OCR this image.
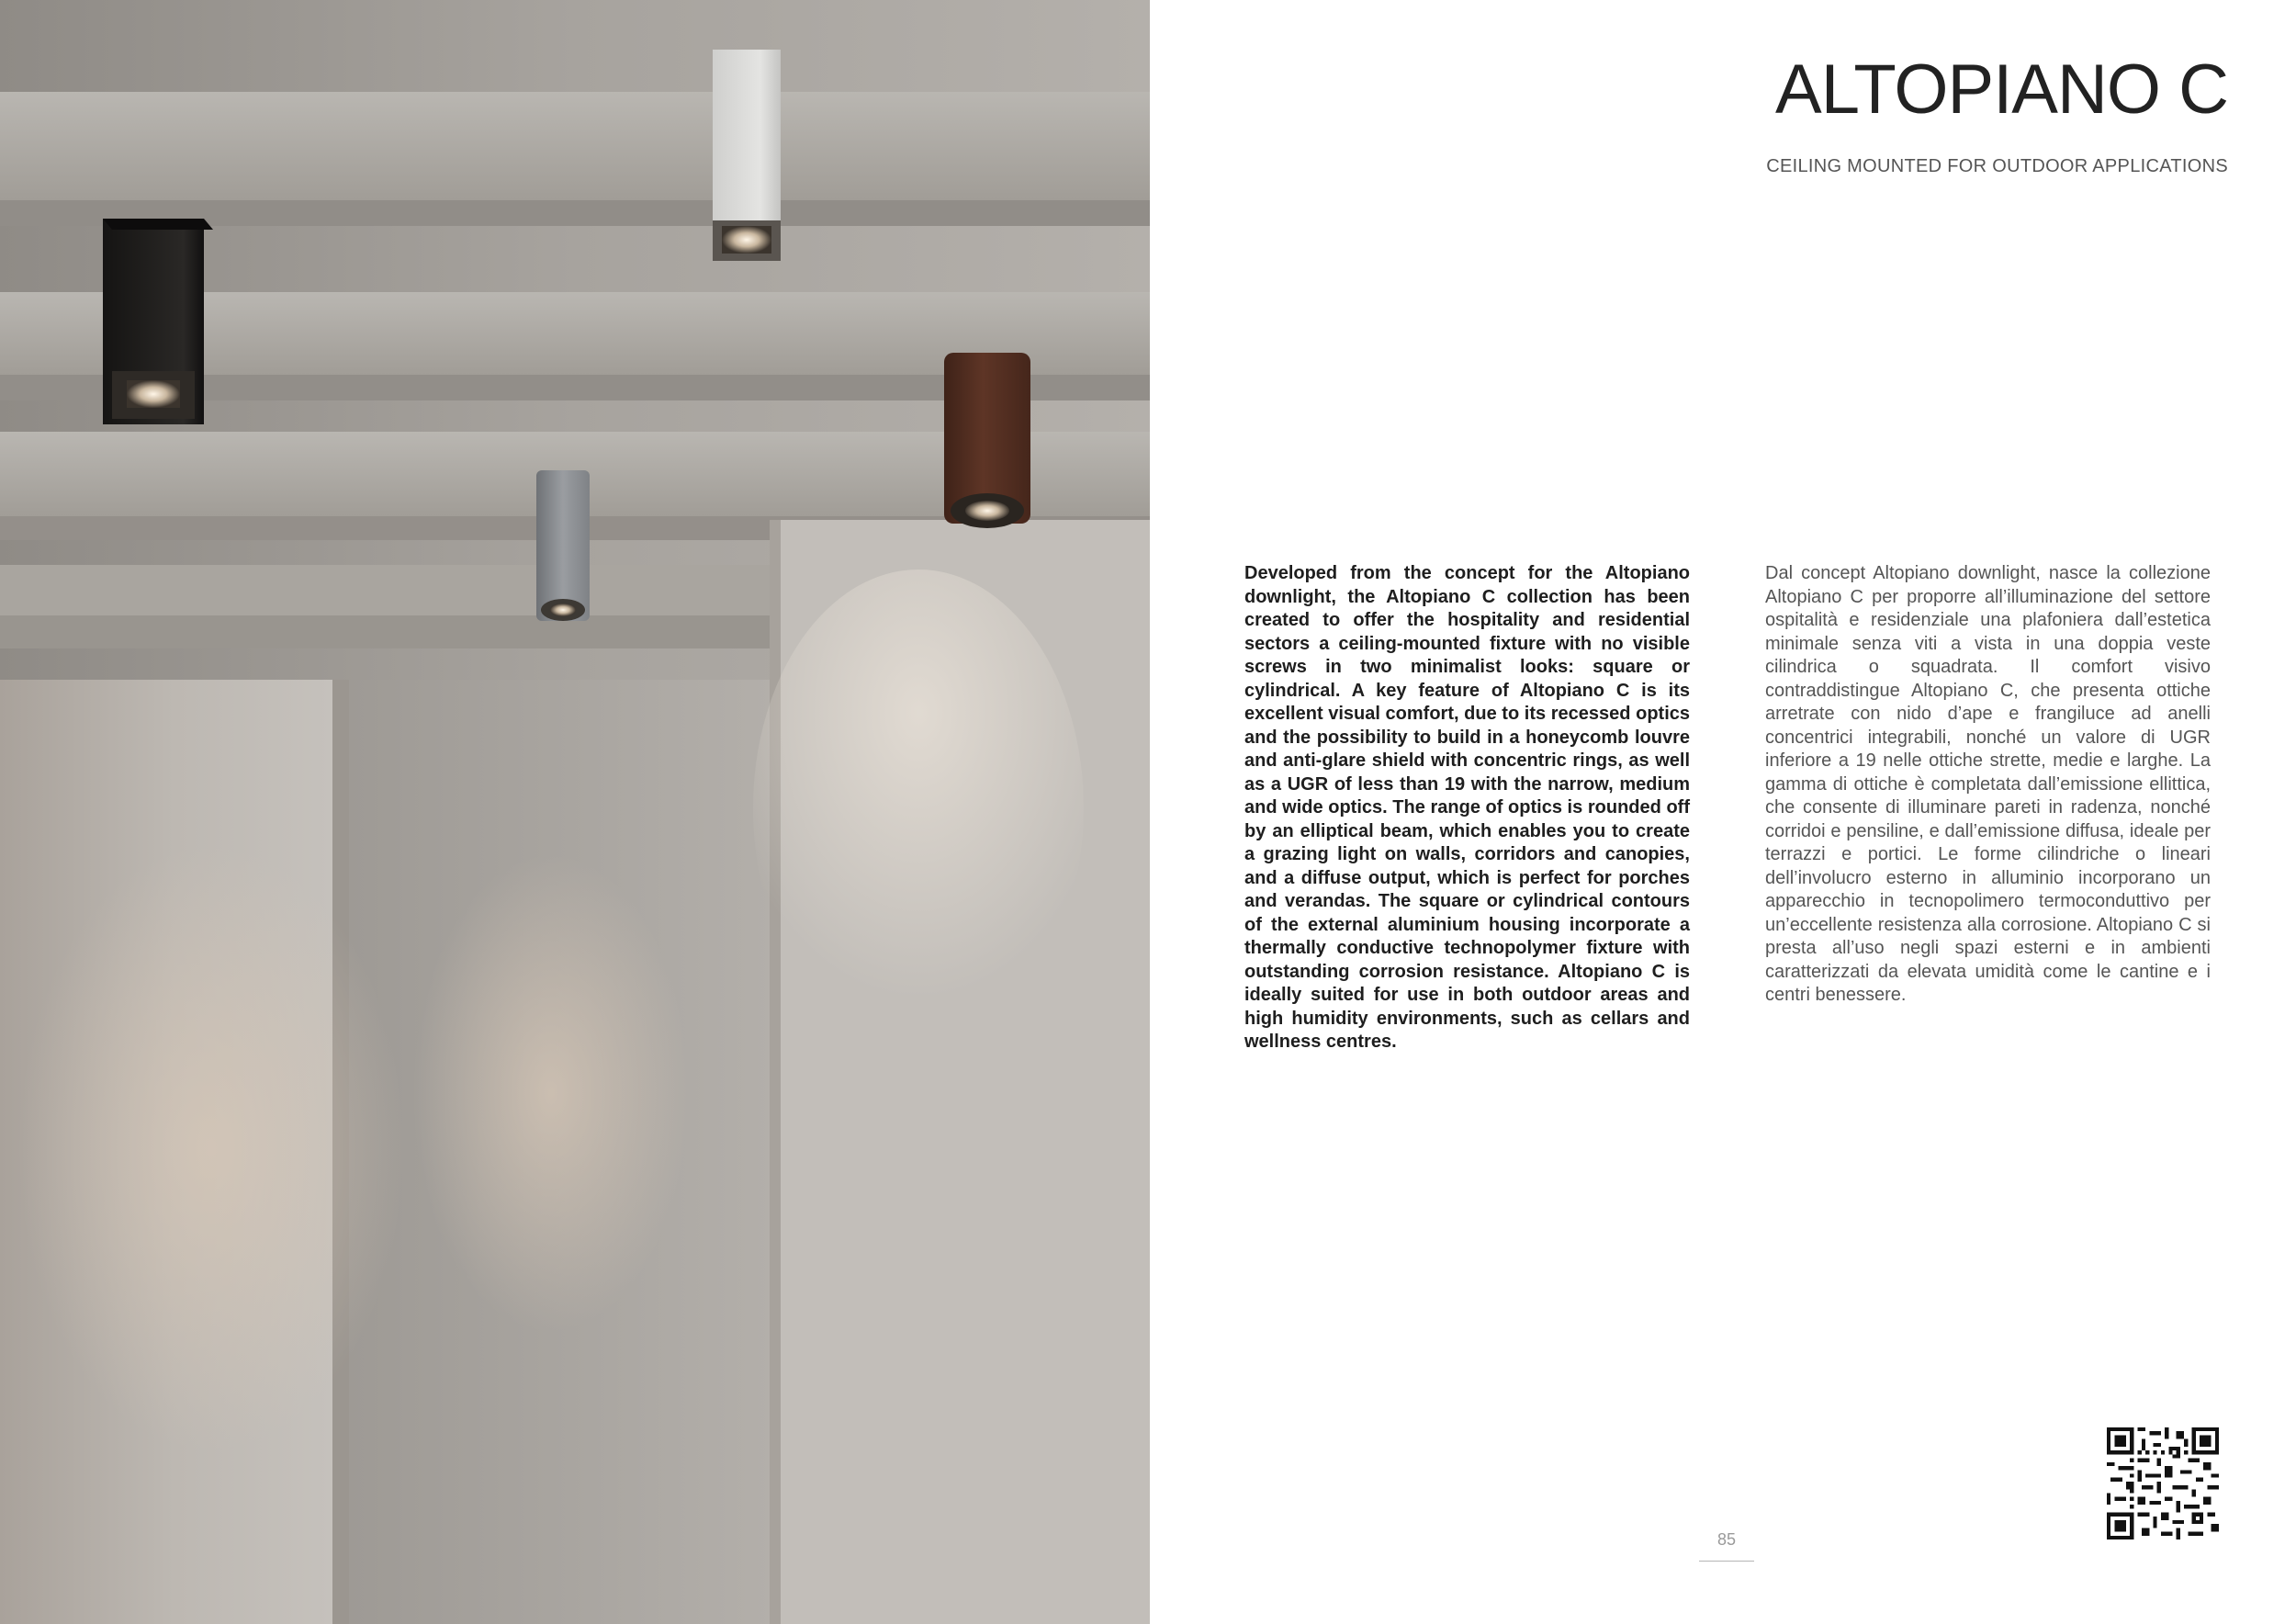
ALTOPIANO C
CEILING MOUNTED FOR OUTDOOR APPLICATIONS
Developed from the concept for the Altopiano downlight, the Altopiano C collection has been created to offer the hospitality and residential sectors a ceiling-mounted fixture with no visible screws in two minimalist looks: square or cylindrical. A key feature of Altopiano C is its excellent visual comfort, due to its recessed optics and the possibility to build in a honeycomb louvre and anti-glare shield with concentric rings, as well as a UGR of less than 19 with the narrow, medium and wide optics. The range of optics is rounded off by an elliptical beam, which enables you to create a grazing light on walls, corridors and canopies, and a diffuse output, which is perfect for porches and verandas. The square or cylindrical contours of the external aluminium housing incorporate a thermally conductive technopolymer fixture with outstanding corrosion resistance. Altopiano C is ideally suited for use in both outdoor areas and high humidity environments, such as cellars and wellness centres.
Dal concept Altopiano downlight, nasce la collezione Altopiano C per proporre all’illuminazione del settore ospitalità e residenziale una plafoniera dall’estetica minimale senza viti a vista in una doppia veste cilindrica o squadrata. Il comfort visivo contraddistingue Altopiano C, che presenta ottiche arretrate con nido d’ape e frangiluce ad anelli concentrici integrabili, nonché un valore di UGR inferiore a 19 nelle ottiche strette, medie e larghe. La gamma di ottiche è completata dall’emissione ellittica, che consente di illuminare pareti in radenza, nonché corridoi e pensiline, e dall’emissione diffusa, ideale per terrazzi e portici. Le forme cilindriche o lineari dell’involucro esterno in alluminio incorporano un apparecchio in tecnopolimero termoconduttivo per un’eccellente resistenza alla corrosione. Altopiano C si presta all’uso negli spazi esterni e in ambienti caratterizzati da elevata umidità come le cantine e i centri benessere.
85
